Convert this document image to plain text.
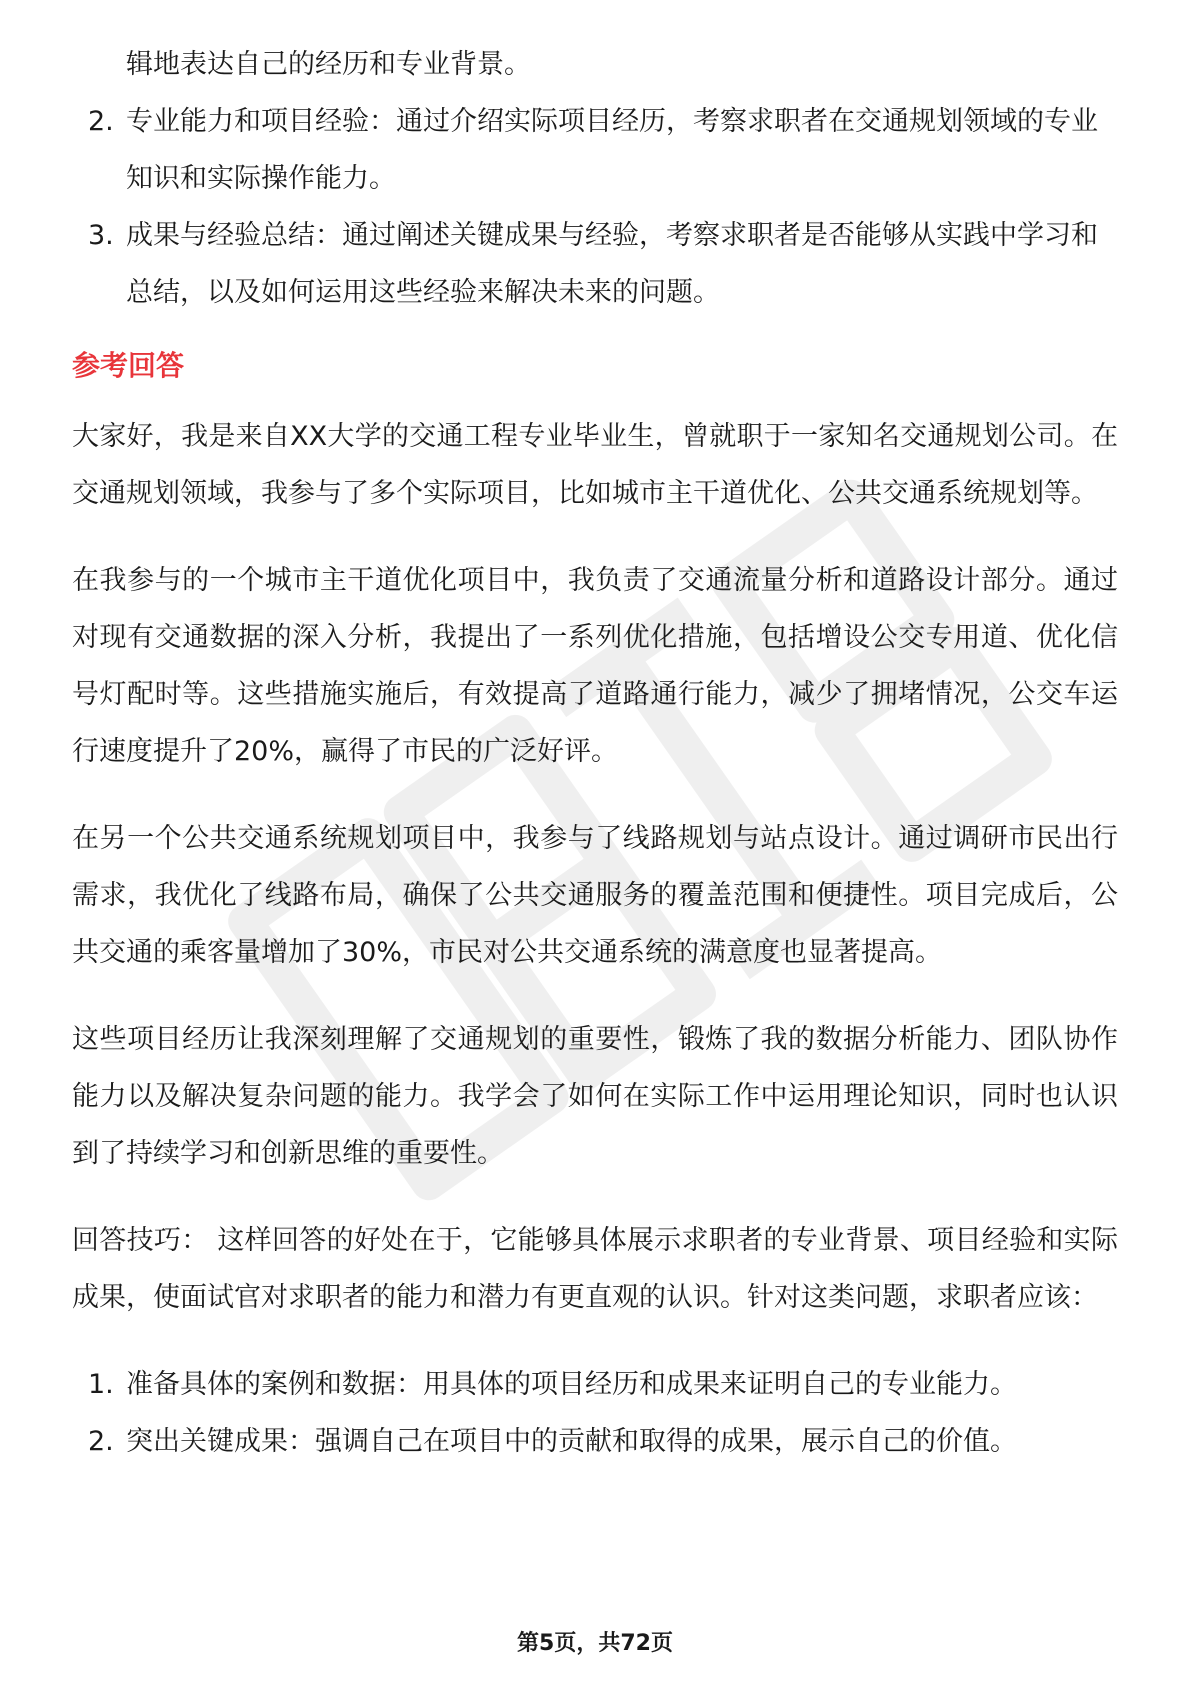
辑地表达自己的经历和专业背景。
2. 专业能力和项目经验：通过介绍实际项目经历，考察求职者在交通规划领域的专业知识和实际操作能力。
3. 成果与经验总结：通过阐述关键成果与经验，考察求职者是否能够从实践中学习和总结，以及如何运用这些经验来解决未来的问题。
参考回答

大家好，我是来自XX大学的交通工程专业毕业生，曾就职于一家知名交通规划公司。在交通规划领域，我参与了多个实际项目，比如城市主干道优化、公共交通系统规划等。

在我参与的一个城市主干道优化项目中，我负责了交通流量分析和道路设计部分。通过对现有交通数据的深入分析，我提出了一系列优化措施，包括增设公交专用道、优化信号灯配时等。这些措施实施后，有效提高了道路通行能力，减少了拥堵情况，公交车运行速度提升了20%，赢得了市民的广泛好评。

在另一个公共交通系统规划项目中，我参与了线路规划与站点设计。通过调研市民出行需求，我优化了线路布局，确保了公共交通服务的覆盖范围和便捷性。项目完成后，公共交通的乘客量增加了30%，市民对公共交通系统的满意度也显著提高。

这些项目经历让我深刻理解了交通规划的重要性，锻炼了我的数据分析能力、团队协作能力以及解决复杂问题的能力。我学会了如何在实际工作中运用理论知识，同时也认识到了持续学习和创新思维的重要性。

回答技巧： 这样回答的好处在于，它能够具体展示求职者的专业背景、项目经验和实际成果，使面试官对求职者的能力和潜力有更直观的认识。针对这类问题，求职者应该：

1. 准备具体的案例和数据：用具体的项目经历和成果来证明自己的专业能力。
2. 突出关键成果：强调自己在项目中的贡献和取得的成果，展示自己的价值。
第5页，共72页
